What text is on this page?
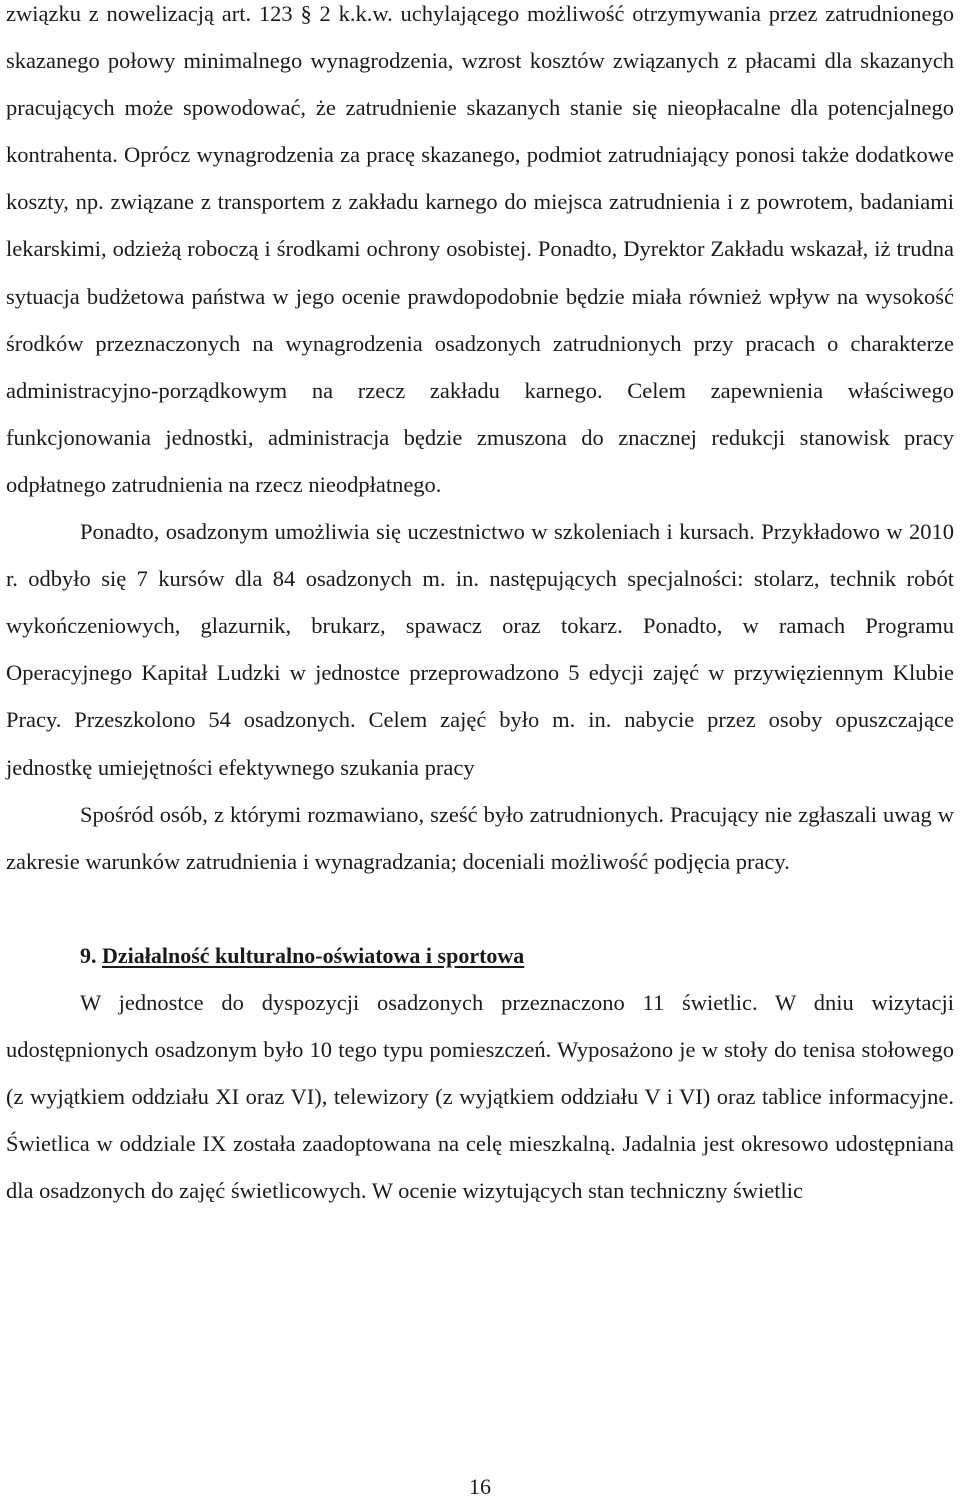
związku z nowelizacją art. 123 § 2 k.k.w. uchylającego możliwość otrzymywania przez zatrudnionego skazanego połowy minimalnego wynagrodzenia, wzrost kosztów związanych z płacami dla skazanych pracujących może spowodować, że zatrudnienie skazanych stanie się nieopłacalne dla potencjalnego kontrahenta. Oprócz wynagrodzenia za pracę skazanego, podmiot zatrudniający ponosi także dodatkowe koszty, np. związane z transportem z zakładu karnego do miejsca zatrudnienia i z powrotem, badaniami lekarskimi, odzieżą roboczą i środkami ochrony osobistej. Ponadto, Dyrektor Zakładu wskazał, iż trudna sytuacja budżetowa państwa w jego ocenie prawdopodobnie będzie miała również wpływ na wysokość środków przeznaczonych na wynagrodzenia osadzonych zatrudnionych przy pracach o charakterze administracyjno-porządkowym na rzecz zakładu karnego. Celem zapewnienia właściwego funkcjonowania jednostki, administracja będzie zmuszona do znacznej redukcji stanowisk pracy odpłatnego zatrudnienia na rzecz nieodpłatnego.

Ponadto, osadzonym umożliwia się uczestnictwo w szkoleniach i kursach. Przykładowo w 2010 r. odbyło się 7 kursów dla 84 osadzonych m. in. następujących specjalności: stolarz, technik robót wykończeniowych, glazurnik, brukarz, spawacz oraz tokarz. Ponadto, w ramach Programu Operacyjnego Kapitał Ludzki w jednostce przeprowadzono 5 edycji zajęć w przywięziennym Klubie Pracy. Przeszkolono 54 osadzonych. Celem zajęć było m. in. nabycie przez osoby opuszczające jednostkę umiejętności efektywnego szukania pracy

Spośród osób, z którymi rozmawiano, sześć było zatrudnionych. Pracujący nie zgłaszali uwag w zakresie warunków zatrudnienia i wynagradzania; doceniali możliwość podjęcia pracy.

9. Działalność kulturalno-oświatowa i sportowa

W jednostce do dyspozycji osadzonych przeznaczono 11 świetlic. W dniu wizytacji udostępnionych osadzonym było 10 tego typu pomieszczeń. Wyposażono je w stoły do tenisa stołowego (z wyjątkiem oddziału XI oraz VI), telewizory (z wyjątkiem oddziału V i VI) oraz tablice informacyjne. Świetlica w oddziale IX została zaadoptowana na celę mieszkalną. Jadalnia jest okresowo udostępniana dla osadzonych do zajęć świetlicowych. W ocenie wizytujących stan techniczny świetlic

16
